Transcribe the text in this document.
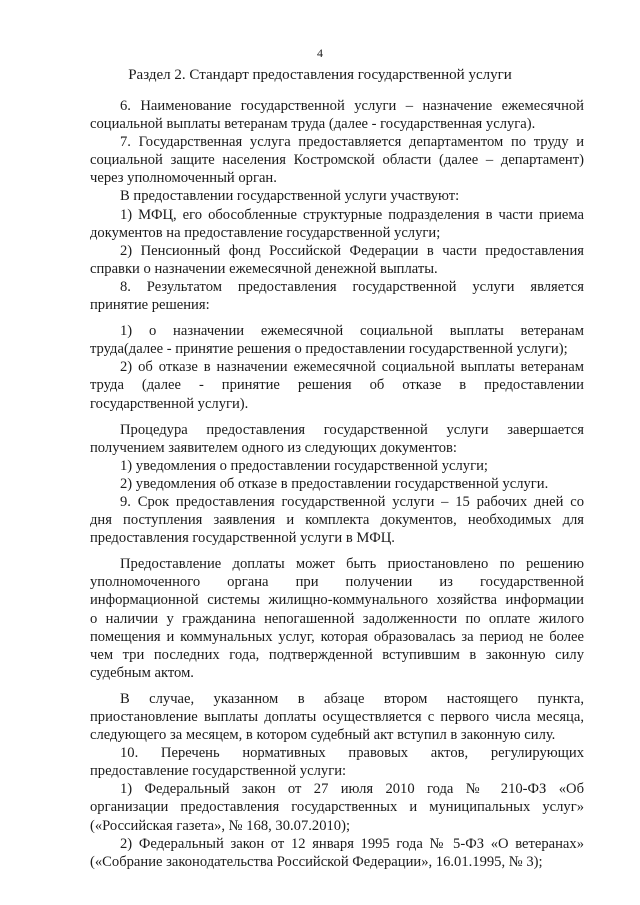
4
Раздел 2. Стандарт предоставления государственной услуги
6. Наименование государственной услуги – назначение ежемесячной
социальной выплаты ветеранам труда (далее - государственная услуга).
7. Государственная услуга предоставляется департаментом по труду и
социальной защите населения Костромской области (далее – департамент)
через уполномоченный орган.
В предоставлении государственной услуги участвуют:
1) МФЦ, его обособленные структурные подразделения в части приема
документов на предоставление государственной услуги;
2) Пенсионный фонд Российской Федерации в части предоставления
справки о назначении ежемесячной денежной выплаты.
8. Результатом предоставления государственной услуги является
принятие решения:
1) о назначении ежемесячной социальной выплаты ветеранам
труда(далее - принятие решения о предоставлении государственной услуги);
2) об отказе в назначении ежемесячной социальной выплаты ветеранам
труда (далее - принятие решения об отказе в предоставлении
государственной услуги).
Процедура предоставления государственной услуги завершается
получением заявителем одного из следующих документов:
1) уведомления о предоставлении государственной услуги;
2) уведомления об отказе в предоставлении государственной услуги.
9. Срок предоставления государственной услуги – 15 рабочих дней со
дня поступления заявления и комплекта документов, необходимых для
предоставления государственной услуги в МФЦ.
Предоставление доплаты может быть приостановлено по решению
уполномоченного органа при получении из государственной
информационной системы жилищно-коммунального хозяйства информации
о наличии у гражданина непогашенной задолженности по оплате жилого
помещения и коммунальных услуг, которая образовалась за период не более
чем три последних года, подтвержденной вступившим в законную силу
судебным актом.
В случае, указанном в абзаце втором настоящего пункта,
приостановление выплаты доплаты осуществляется с первого числа месяца,
следующего за месяцем, в котором судебный акт вступил в законную силу.
10. Перечень нормативных правовых актов, регулирующих
предоставление государственной услуги:
1) Федеральный закон от 27 июля 2010 года № 210-ФЗ «Об
организации предоставления государственных и муниципальных услуг»
(«Российская газета», № 168, 30.07.2010);
2) Федеральный закон от 12 января 1995 года № 5-ФЗ «О ветеранах»
(«Собрание законодательства Российской Федерации», 16.01.1995, № 3);
